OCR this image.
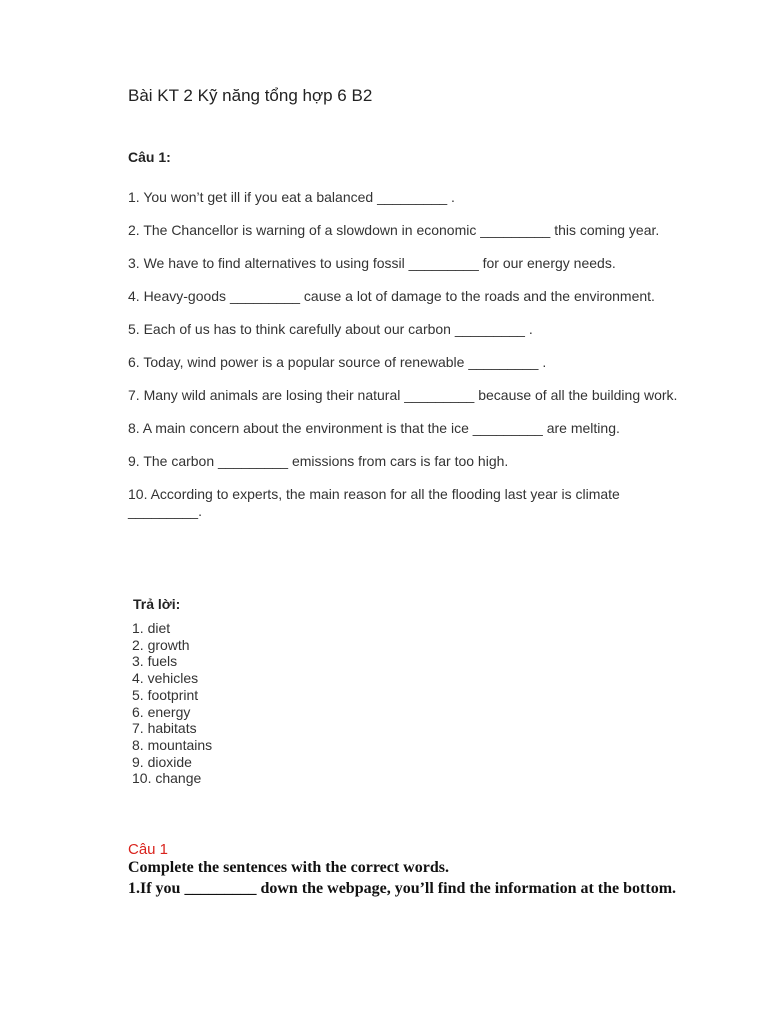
Bài KT 2 Kỹ năng tổng hợp 6 B2
Câu 1:
1. You won’t get ill if you eat a balanced _________ .
2. The Chancellor is warning of a slowdown in economic _________ this coming year.
3. We have to find alternatives to using fossil _________ for our energy needs.
4. Heavy-goods _________ cause a lot of damage to the roads and the environment.
5. Each of us has to think carefully about our carbon _________ .
6. Today, wind power is a popular source of renewable _________ .
7. Many wild animals are losing their natural _________ because of all the building work.
8. A main concern about the environment is that the ice _________ are melting.
9. The carbon _________ emissions from cars is far too high.
10. According to experts, the main reason for all the flooding last year is climate _________.
Trả lời:
1. diet
2. growth
3. fuels
4. vehicles
5. footprint
6. energy
7. habitats
8. mountains
9. dioxide
10. change
Câu 1
Complete the sentences with the correct words.
1.If you _________ down the webpage, you’ll find the information at the bottom.
